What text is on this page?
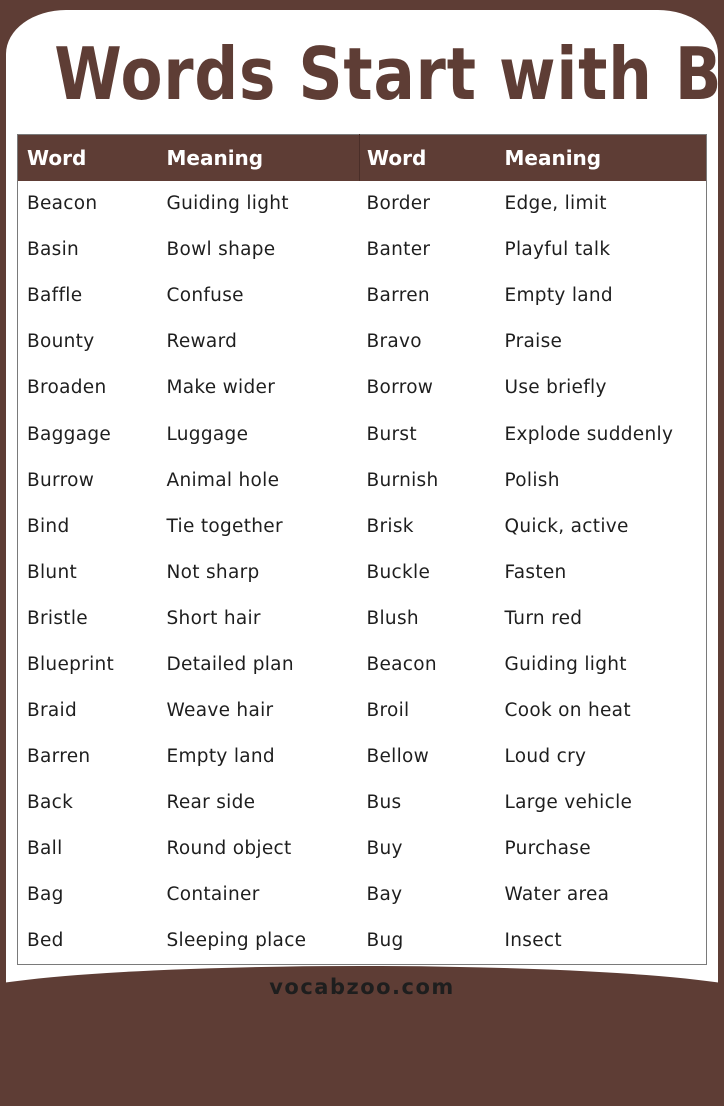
Words Start with B
Word	Meaning	Word	Meaning
Beacon	Guiding light	Border	Edge, limit
Basin	Bowl shape	Banter	Playful talk
Baffle	Confuse	Barren	Empty land
Bounty	Reward	Bravo	Praise
Broaden	Make wider	Borrow	Use briefly
Baggage	Luggage	Burst	Explode suddenly
Burrow	Animal hole	Burnish	Polish
Bind	Tie together	Brisk	Quick, active
Blunt	Not sharp	Buckle	Fasten
Bristle	Short hair	Blush	Turn red
Blueprint	Detailed plan	Beacon	Guiding light
Braid	Weave hair	Broil	Cook on heat
Barren	Empty land	Bellow	Loud cry
Back	Rear side	Bus	Large vehicle
Ball	Round object	Buy	Purchase
Bag	Container	Bay	Water area
Bed	Sleeping place	Bug	Insect
vocabzoo.com
